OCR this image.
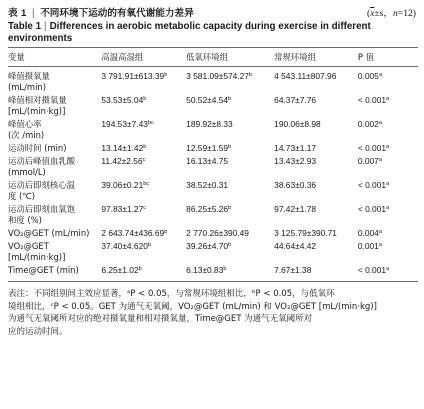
表 1 | 不同环境下运动的有氧代谢能力差异	($\overline{x}\pm s$，n=12)
Table 1 | Differences in aerobic metabolic capacity during exercise in different environments
变量	高温高湿组	低氧环境组	常规环境组	P 值
峰值摄氧量
(mL/min)	3 791.91±613.39$^b$	3 581.09±574.27$^b$	4 543.11±807.96	0.005$^a$
峰值相对摄氧量
[mL/(min·kg)]	53.53±5.04$^b$	50.52±4.54$^b$	64.37±7.76	< 0.001$^a$
峰值心率
(次 /min)	194.53±7.43$^{bc}$	189.92±8.33	190.06±8.98	0.002$^a$
运动时间 (min)	13.14±1.42$^b$	12.59±1.59$^b$	14.73±1.17	< 0.001$^a$
运动后峰值血乳酸
(mmol/L)	11.42±2.56$^c$	16.13±4.75	13.43±2.93	0.007$^a$
运动后即刻核心温
度 (℃)	39.06±0.21$^{bc}$	38.52±0.31	38.63±0.36	< 0.001$^a$
运动后即刻血氧饱
和度 (%)	97.83±1.27$^c$	86.25±5.26$^b$	97.42±1.78	< 0.001$^a$
VO₂@GET (mL/min)	2 643.74±436.69$^b$	2 770.26±390.49	3 125.79±390.71	0.004$^a$
VO₂@GET
[mL/(min·kg)]	37.40±4.620$^b$	39.26±4.70$^b$	44.64±4.42	0.001$^a$
Time@GET (min)	6.25±1.02$^b$	6.13±0.83$^b$	7.67±1.38	< 0.001$^a$
表注：不同组别间主效应显著，ᵃP < 0.05，与常规环境组相比，ᵇP < 0.05，与低氧环
境组相比，ᶜP < 0.05。GET 为通气无氧阈，VO₂@GET (mL/min) 和 VO₂@GET [mL/(min·kg)]
为通气无氧阈所对应的绝对摄氧量和相对摄氧量，Time@GET 为通气无氧阈所对
应的运动时间。
